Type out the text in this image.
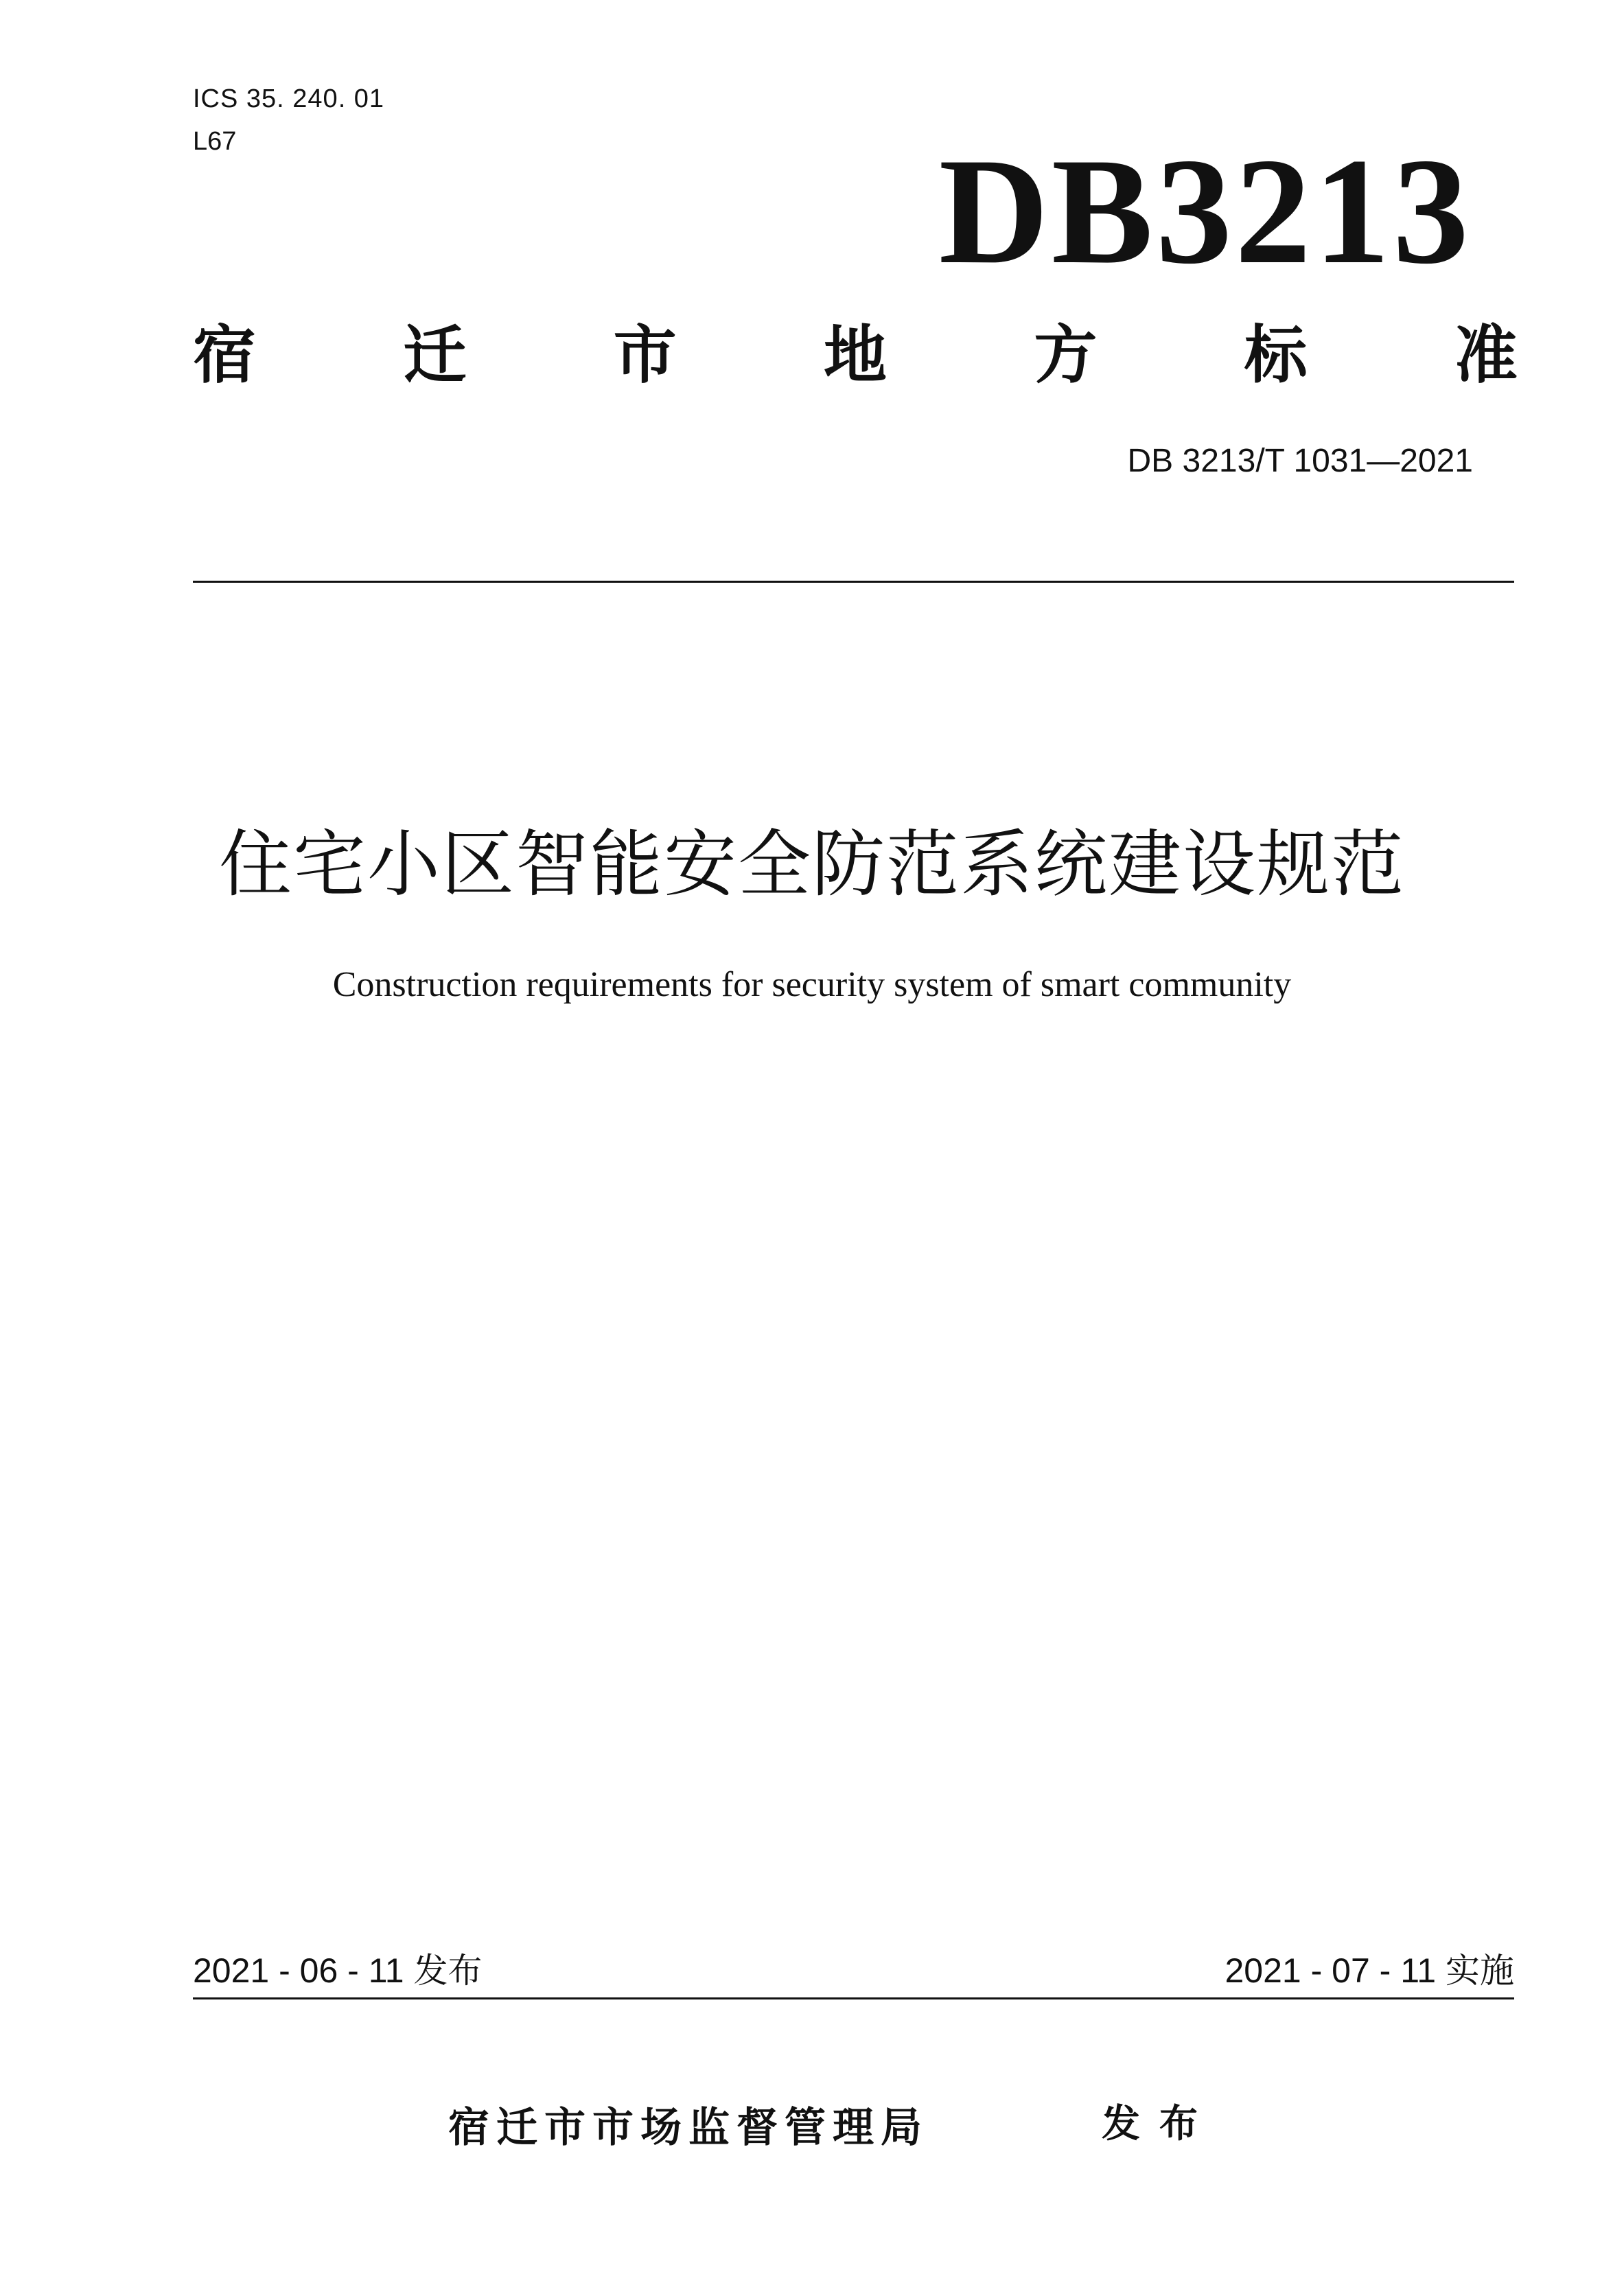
ICS 35. 240. 01
L67	DB3213
宿 迁 市 地 方 标 准
DB 3213/T 1031—2021
住宅小区智能安全防范系统建设规范
Construction requirements for security system of smart community
2021 - 06 - 11 发布	2021 - 07 - 11 实施
宿迁市市场监督管理局	发布
